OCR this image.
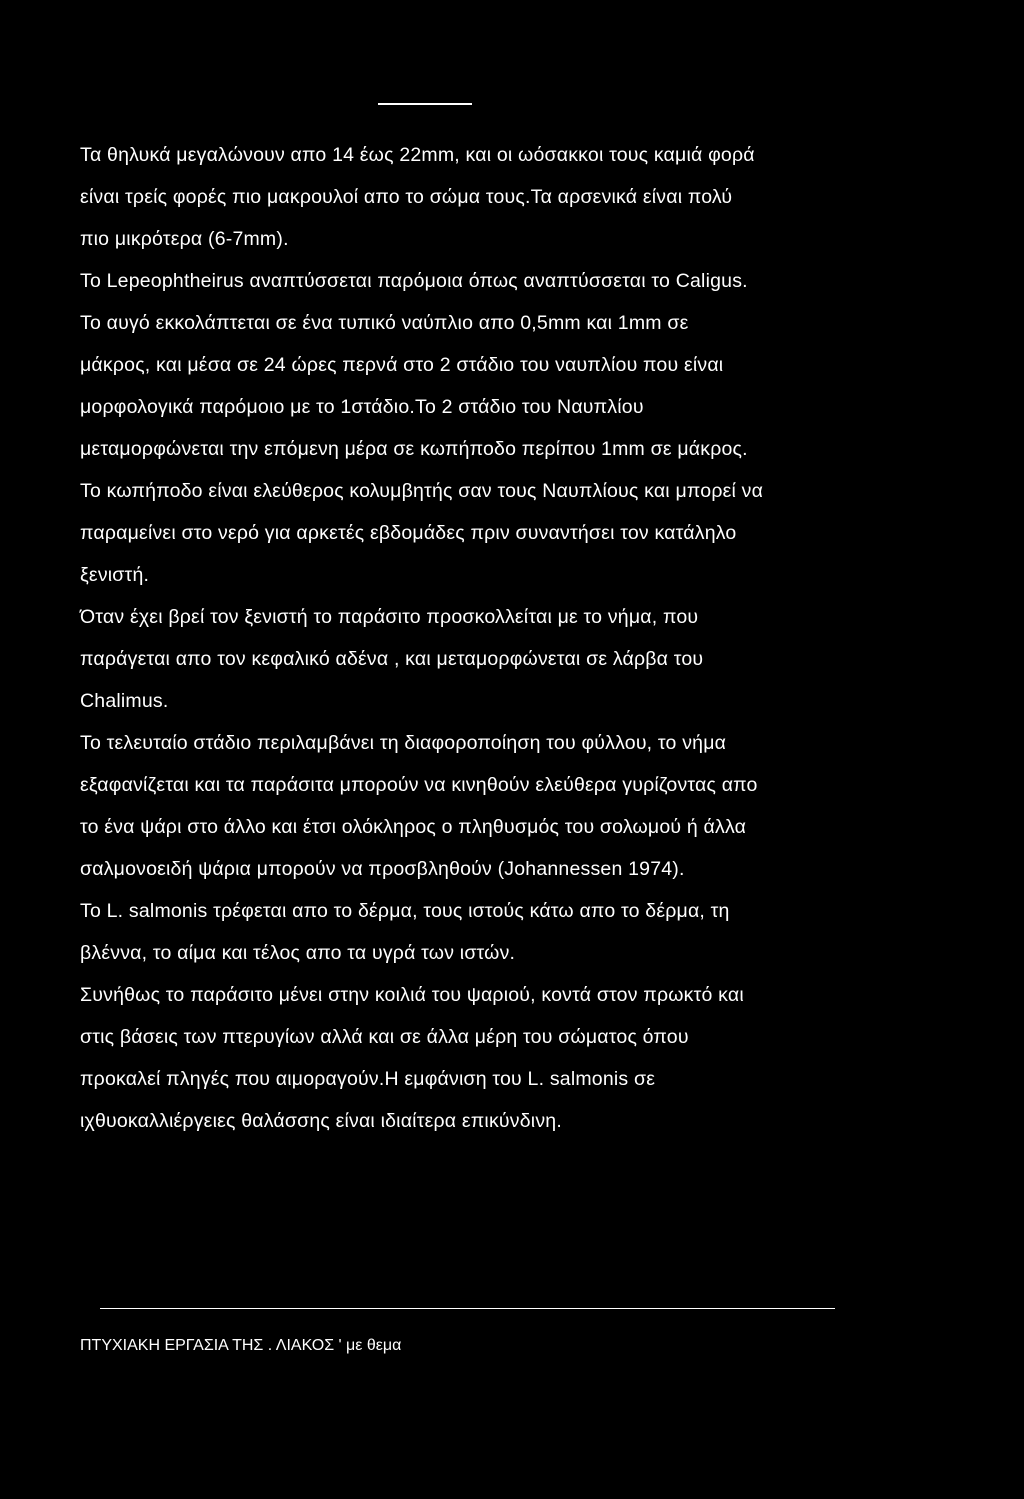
Τα θηλυκά μεγαλώνουν απο 14 έως 22mm, και οι ωόσακκοι τους καμιά φορά
είναι τρείς φορές πιο μακρουλοί απο το σώμα τους.Τα αρσενικά είναι πολύ
πιο μικρότερα (6-7mm).
Το Lepeophtheirus αναπτύσσεται παρόμοια όπως αναπτύσσεται το Caligus.
Το αυγό εκκολάπτεται σε ένα τυπικό ναύπλιο απο 0,5mm και 1mm σε
μάκρος, και μέσα σε 24 ώρες περνά στο 2 στάδιο του ναυπλίου που είναι
μορφολογικά παρόμοιο με το 1στάδιο.Το 2 στάδιο του Ναυπλίου
μεταμορφώνεται την επόμενη μέρα σε κωπήποδο περίπου 1mm σε μάκρος.
Το κωπήποδο είναι ελεύθερος κολυμβητής σαν τους Ναυπλίους και μπορεί να
παραμείνει στο νερό για αρκετές εβδομάδες πριν συναντήσει τον κατάληλο
ξενιστή.
Όταν έχει βρεί τον ξενιστή το παράσιτο προσκολλείται με το νήμα, που
παράγεται απο τον κεφαλικό αδένα , και μεταμορφώνεται σε λάρβα του
Chalimus.
Το τελευταίο στάδιο περιλαμβάνει τη διαφοροποίηση του φύλλου, το νήμα
εξαφανίζεται και τα παράσιτα μπορούν να κινηθούν ελεύθερα γυρίζοντας απο
το ένα ψάρι στο άλλο και έτσι ολόκληρος ο πληθυσμός του σολωμού ή άλλα
σαλμονοειδή ψάρια μπορούν να προσβληθούν (Johannessen 1974).
Το L. salmonis τρέφεται απο το δέρμα, τους ιστούς κάτω απο το δέρμα, τη
βλέννα, το αίμα και τέλος απο τα υγρά των ιστών.
Συνήθως το παράσιτο μένει στην κοιλιά του ψαριού, κοντά στον πρωκτό και
στις βάσεις των πτερυγίων αλλά και σε άλλα μέρη του σώματος όπου
προκαλεί πληγές που αιμοραγούν.Η εμφάνιση του L. salmonis σε
ιχθυοκαλλιέργειες θαλάσσης είναι ιδιαίτερα επικύνδινη.
ΠΤΥΧΙΑΚΗ ΕΡΓΑΣΙΑ ΤΗΣ . ΛΙΑΚΟΣ ' με θεμα
